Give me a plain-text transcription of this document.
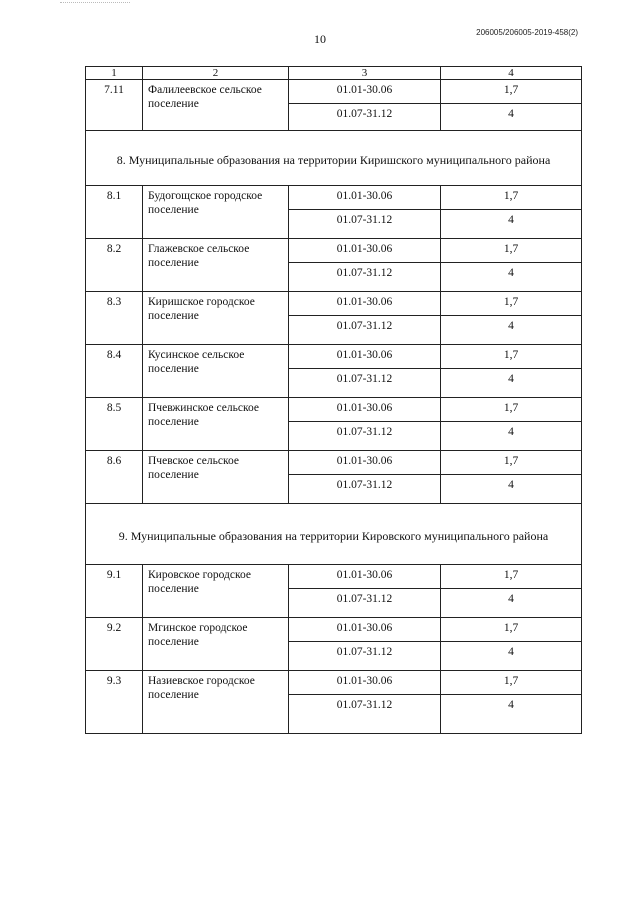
10	206005/206005-2019-458(2)
1	2	3	4
7.11	Фалилеевское сельское поселение	01.01-30.06	1,7
		01.07-31.12	4
8. Муниципальные образования на территории Киришского муниципального района			
8.1	Будогощское городское поселение	01.01-30.06	1,7
		01.07-31.12	4
8.2	Глажевское сельское поселение	01.01-30.06	1,7
		01.07-31.12	4
8.3	Киришское городское поселение	01.01-30.06	1,7
		01.07-31.12	4
8.4	Кусинское сельское поселение	01.01-30.06	1,7
		01.07-31.12	4
8.5	Пчевжинское сельское поселение	01.01-30.06	1,7
		01.07-31.12	4
8.6	Пчевское сельское поселение	01.01-30.06	1,7
		01.07-31.12	4
9. Муниципальные образования на территории Кировского муниципального района			
9.1	Кировское городское поселение	01.01-30.06	1,7
		01.07-31.12	4
9.2	Мгинское городское поселение	01.01-30.06	1,7
		01.07-31.12	4
9.3	Назиевское городское поселение	01.01-30.06	1,7
		01.07-31.12	4
